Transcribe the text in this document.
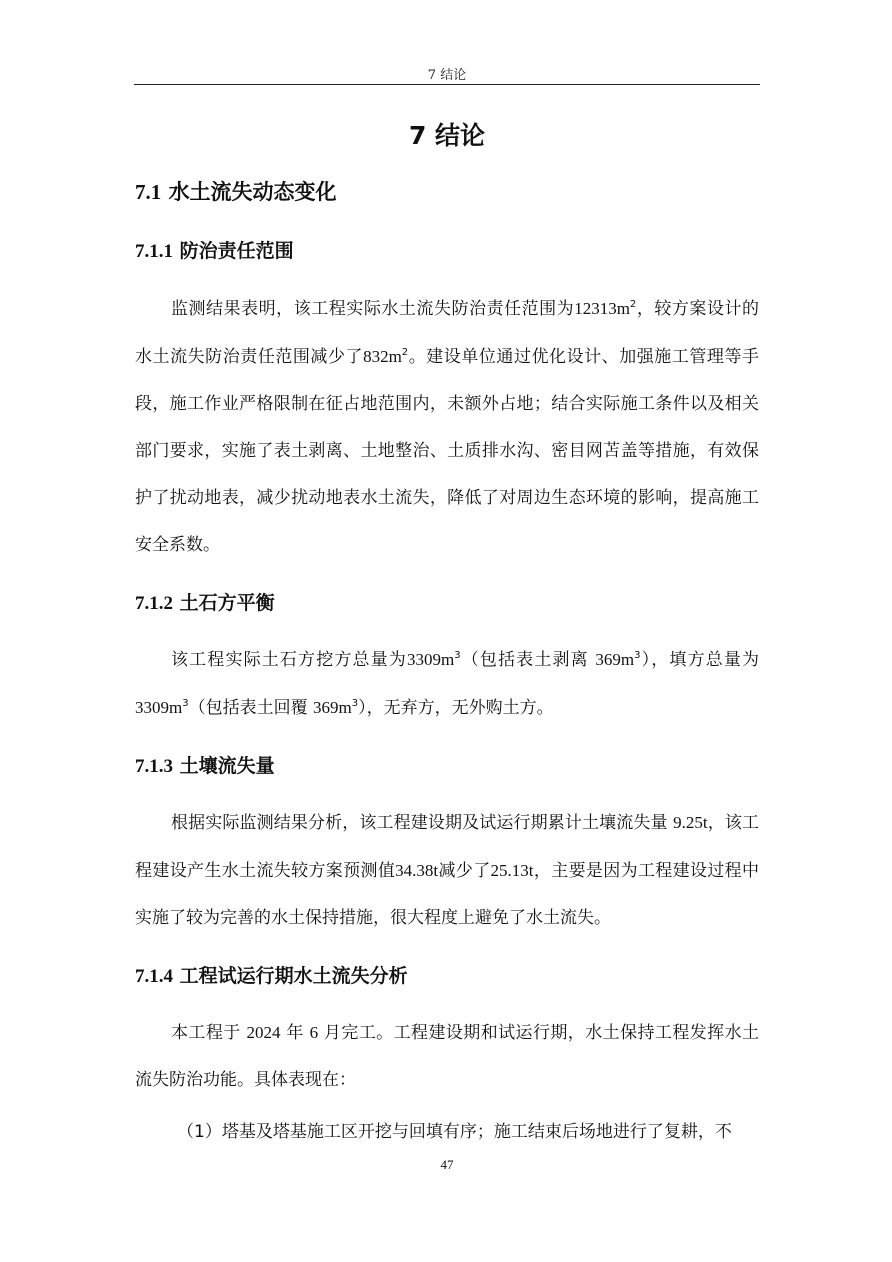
7 结论
7 结论
7.1 水土流失动态变化
7.1.1 防治责任范围

监测结果表明，该工程实际水土流失防治责任范围为$12313m^2$，较方案设计的水土流失防治责任范围减少了$832m^2$。建设单位通过优化设计、加强施工管理等手段，施工作业严格限制在征占地范围内，未额外占地；结合实际施工条件以及相关部门要求，实施了表土剥离、土地整治、土质排水沟、密目网苫盖等措施，有效保护了扰动地表，减少扰动地表水土流失，降低了对周边生态环境的影响，提高施工安全系数。

7.1.2 土石方平衡

该工程实际土石方挖方总量为$3309m^3$（包括表土剥离 $369m^3$），填方总量为$3309m^3$（包括表土回覆 $369m^3$），无弃方，无外购土方。

7.1.3 土壤流失量

根据实际监测结果分析，该工程建设期及试运行期累计土壤流失量 9.25t，该工程建设产生水土流失较方案预测值34.38t减少了25.13t，主要是因为工程建设过程中实施了较为完善的水土保持措施，很大程度上避免了水土流失。

7.1.4 工程试运行期水土流失分析

本工程于 2024 年 6 月完工。工程建设期和试运行期，水土保持工程发挥水土流失防治功能。具体表现在：

（1）塔基及塔基施工区开挖与回填有序；施工结束后场地进行了复耕，不

47
